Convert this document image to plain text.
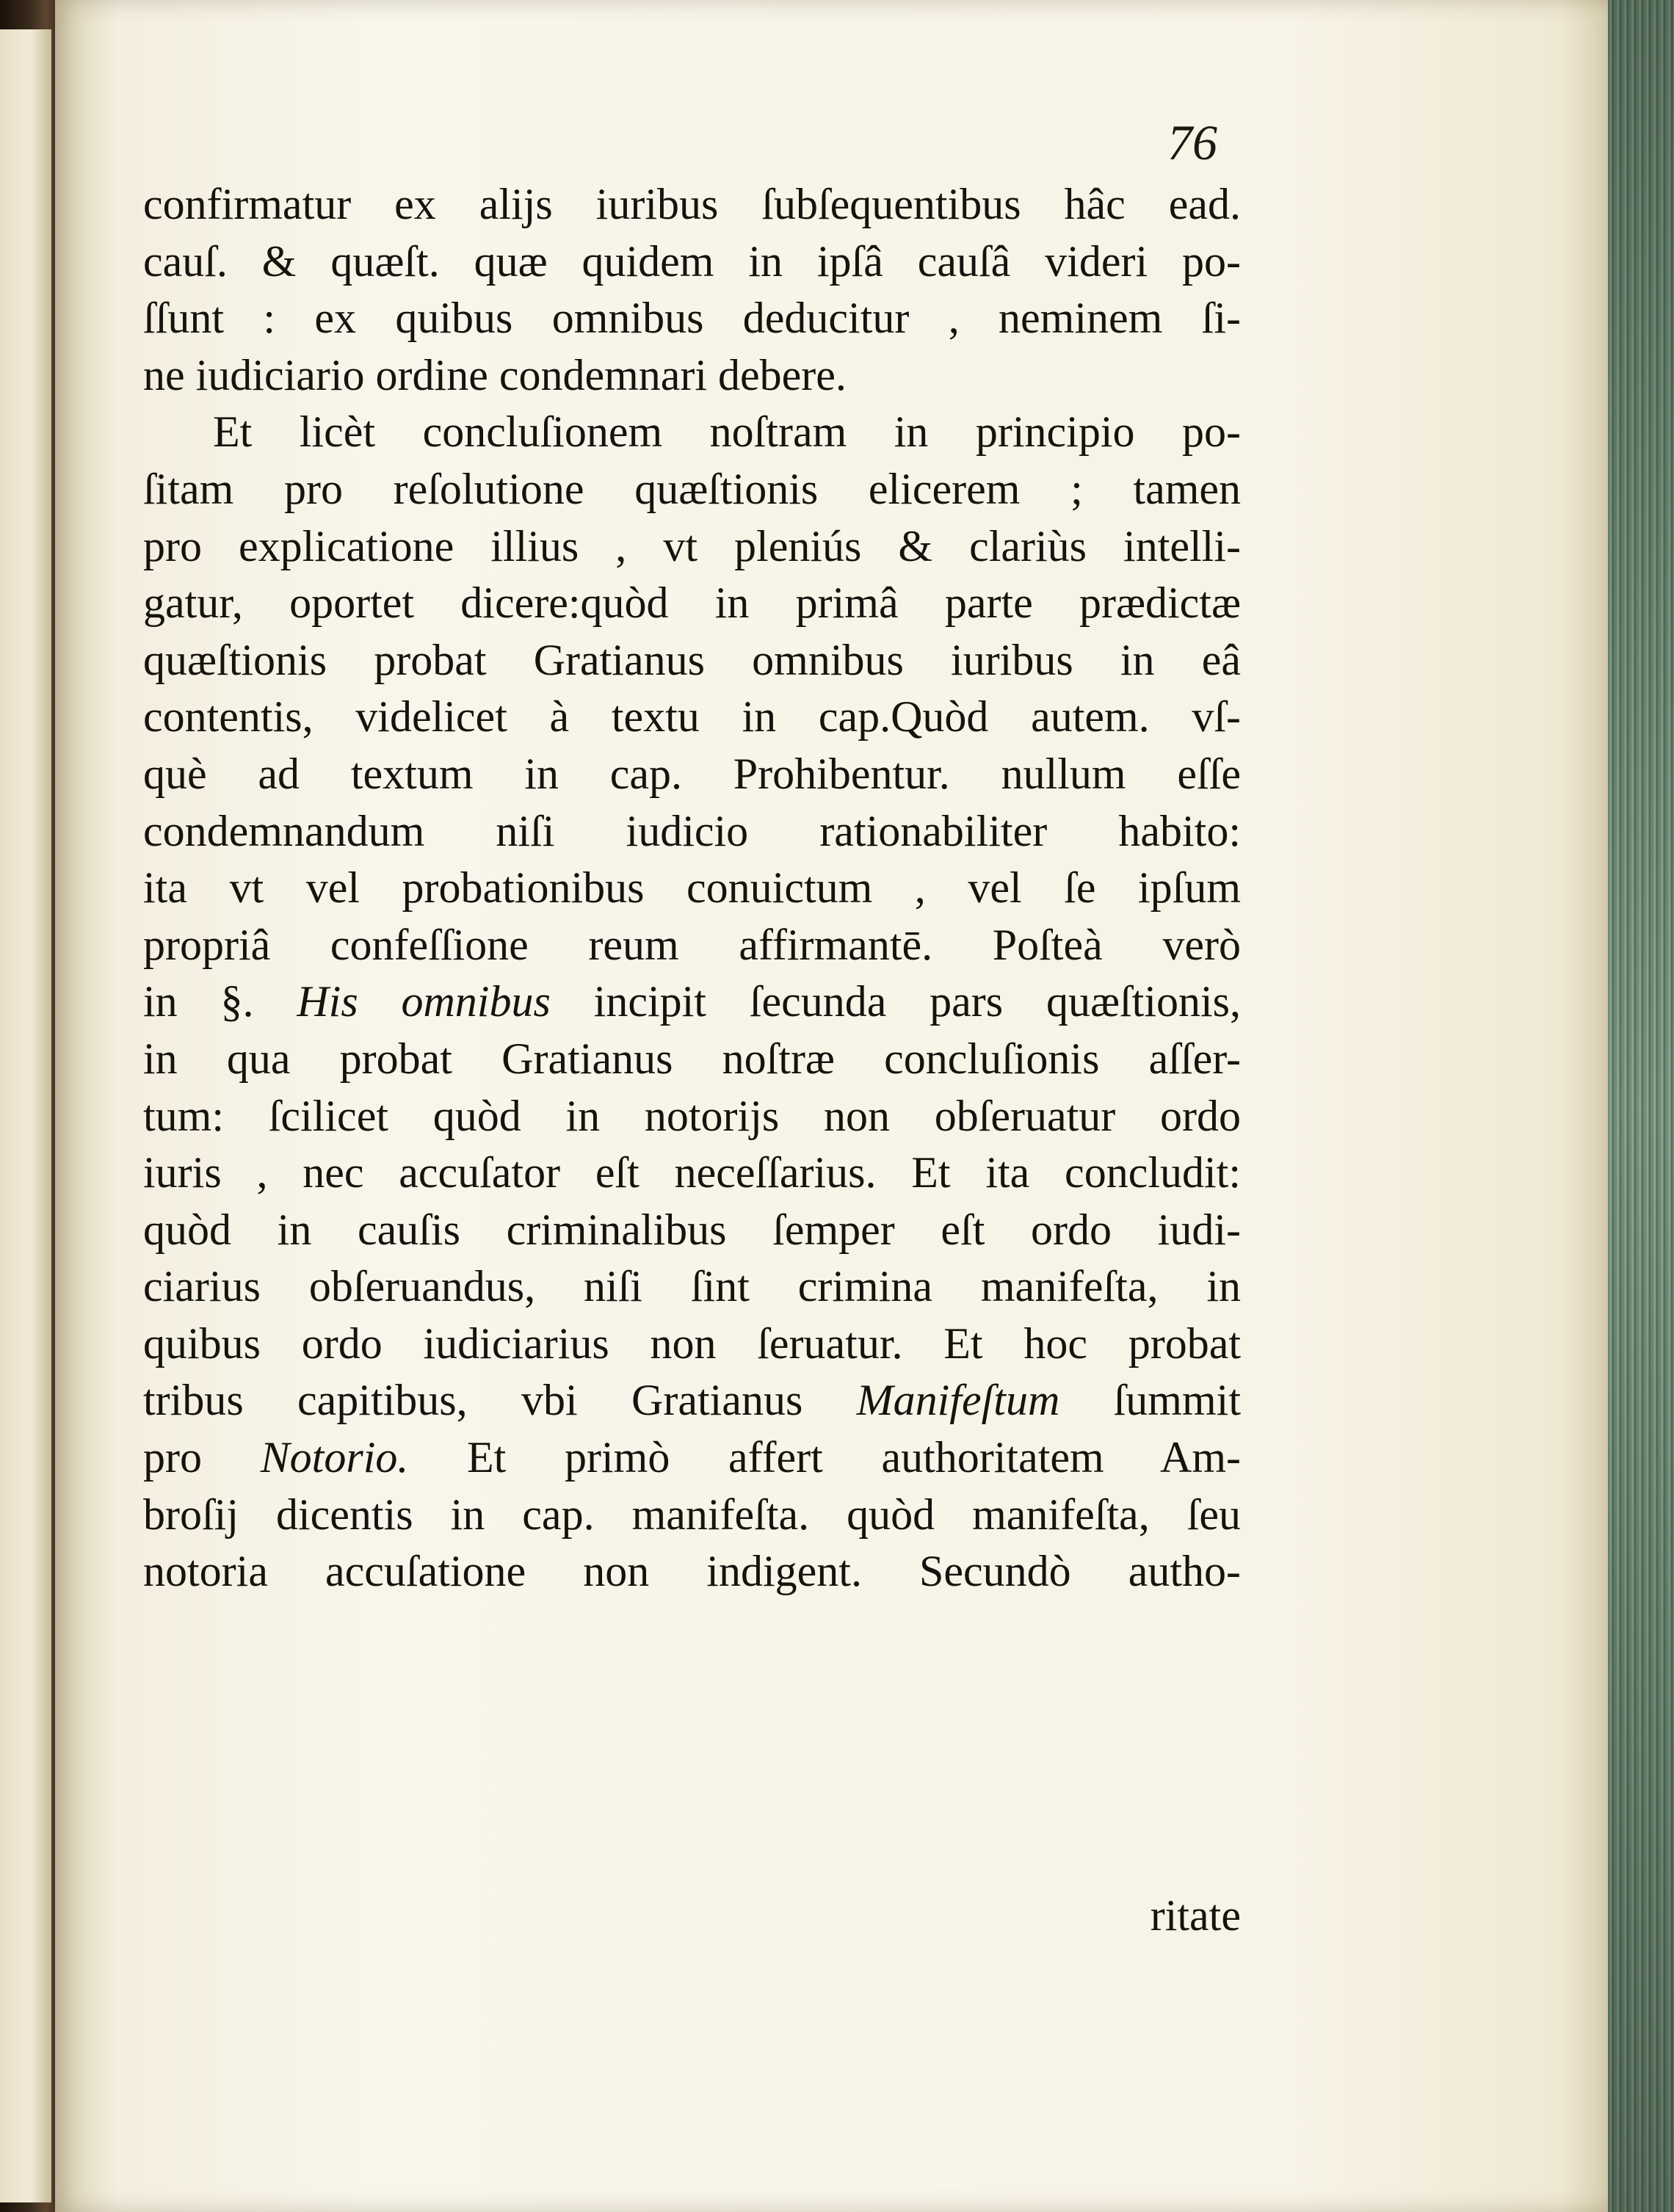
76
confirmatur ex alijs iuribus ſubſequentibus hâc ead.
cauſ. & quæſt. quæ quidem in ipſâ cauſâ videri po-
ſſunt : ex quibus omnibus deducitur , neminem ſi-
ne iudiciario ordine condemnari debere.
Et licèt concluſionem noſtram in principio po-
ſitam pro reſolutione quæſtionis elicerem ; tamen
pro explicatione illius , vt pleniús & clariùs intelli-
gatur, oportet dicere:quòd in primâ parte prædictæ
quæſtionis probat Gratianus omnibus iuribus in eâ
contentis, videlicet à textu in cap.Quòd autem. vſ-
què ad textum in cap. Prohibentur. nullum eſſe
condemnandum niſi iudicio rationabiliter habito:
ita vt vel probationibus conuictum , vel ſe ipſum
propriâ confeſſione reum affirmantē. Poſteà verò
in §. His omnibus incipit ſecunda pars quæſtionis,
in qua probat Gratianus noſtræ concluſionis aſſer-
tum: ſcilicet quòd in notorijs non obſeruatur ordo
iuris , nec accuſator eſt neceſſarius. Et ita concludit:
quòd in cauſis criminalibus ſemper eſt ordo iudi-
ciarius obſeruandus, niſi ſint crimina manifeſta, in
quibus ordo iudiciarius non ſeruatur. Et hoc probat
tribus capitibus, vbi Gratianus Manifeſtum ſummit
pro Notorio. Et primò affert authoritatem Am-
broſij dicentis in cap. manifeſta. quòd manifeſta, ſeu
notoria accuſatione non indigent. Secundò autho-
ritate
